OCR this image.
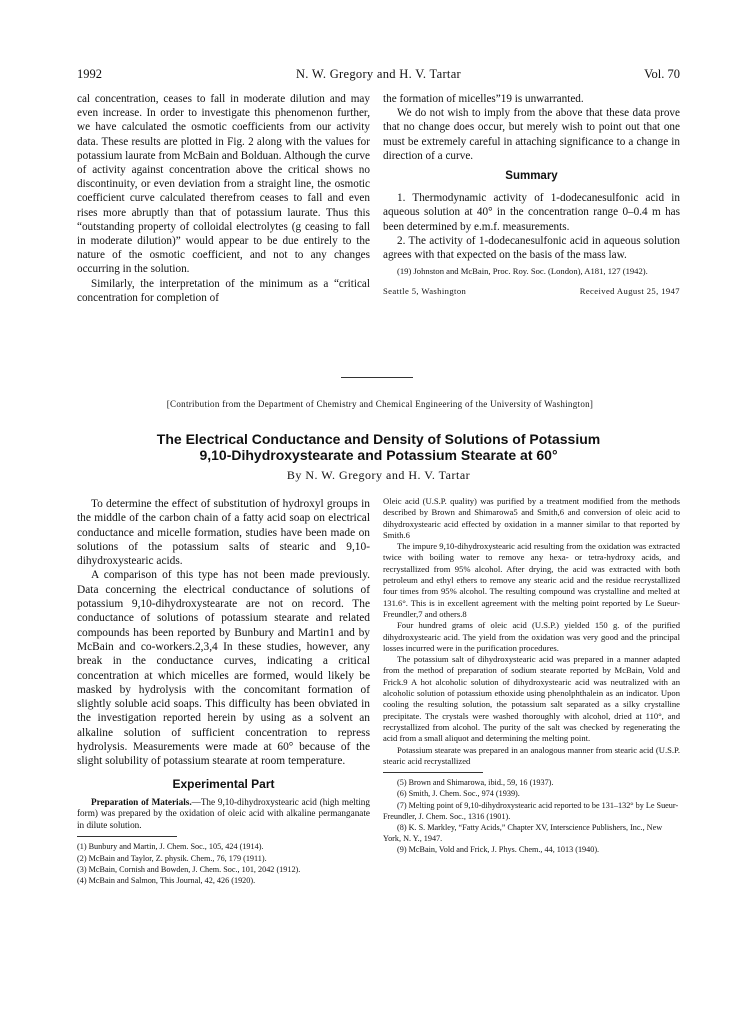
1992	N. W. Gregory and H. V. Tartar	Vol. 70

cal concentration, ceases to fall in moderate dilution and may even increase. In order to investigate this phenomenon further, we have calculated the osmotic coefficients from our activity data. These results are plotted in Fig. 2 along with the values for potassium laurate from McBain and Bolduan. Although the curve of activity against concentration above the critical shows no discontinuity, or even deviation from a straight line, the osmotic coefficient curve calculated therefrom ceases to fall and even rises more abruptly than that of potassium laurate. Thus this “outstanding property of colloidal electrolytes (g ceasing to fall in moderate dilution)” would appear to be due entirely to the nature of the osmotic coefficient, and not to any changes occurring in the solution.

Similarly, the interpretation of the minimum as a “critical concentration for completion of

the formation of micelles”19 is unwarranted.

We do not wish to imply from the above that these data prove that no change does occur, but merely wish to point out that one must be extremely careful in attaching significance to a change in direction of a curve.

Summary

1. Thermodynamic activity of 1-dodecanesulfonic acid in aqueous solution at 40° in the concentration range 0–0.4 m has been determined by e.m.f. measurements.

2. The activity of 1-dodecanesulfonic acid in aqueous solution agrees with that expected on the basis of the mass law.

(19) Johnston and McBain, Proc. Roy. Soc. (London), A181, 127 (1942).

Seattle 5, Washington	Received August 25, 1947
[Contribution from the Department of Chemistry and Chemical Engineering of the University of Washington]
The Electrical Conductance and Density of Solutions of Potassium
9,10-Dihydroxystearate and Potassium Stearate at 60°
By N. W. Gregory and H. V. Tartar

To determine the effect of substitution of hydroxyl groups in the middle of the carbon chain of a fatty acid soap on electrical conductance and micelle formation, studies have been made on solutions of the potassium salts of stearic and 9,10-dihydroxystearic acids.

A comparison of this type has not been made previously. Data concerning the electrical conductance of solutions of potassium 9,10-dihydroxystearate are not on record. The conductance of solutions of potassium stearate and related compounds has been reported by Bunbury and Martin1 and by McBain and co-workers.2,3,4 In these studies, however, any break in the conductance curves, indicating a critical concentration at which micelles are formed, would likely be masked by hydrolysis with the concomitant formation of slightly soluble acid soaps. This difficulty has been obviated in the investigation reported herein by using as a solvent an alkaline solution of sufficient concentration to repress hydrolysis. Measurements were made at 60° because of the slight solubility of potassium stearate at room temperature.

Experimental Part

Preparation of Materials.—The 9,10-dihydroxystearic acid (high melting form) was prepared by the oxidation of oleic acid with alkaline permanganate in dilute solution.

(1) Bunbury and Martin, J. Chem. Soc., 105, 424 (1914).
(2) McBain and Taylor, Z. physik. Chem., 76, 179 (1911).
(3) McBain, Cornish and Bowden, J. Chem. Soc., 101, 2042 (1912).
(4) McBain and Salmon, This Journal, 42, 426 (1920).

Oleic acid (U.S.P. quality) was purified by a treatment modified from the methods described by Brown and Shimarowa5 and Smith,6 and conversion of oleic acid to dihydroxystearic acid effected by oxidation in a manner similar to that reported by Smith.6

The impure 9,10-dihydroxystearic acid resulting from the oxidation was extracted twice with boiling water to remove any hexa- or tetra-hydroxy acids, and recrystallized from 95% alcohol. After drying, the acid was extracted with both petroleum and ethyl ethers to remove any stearic acid and the residue recrystallized four times from 95% alcohol. The resulting compound was crystalline and melted at 131.6°. This is in excellent agreement with the melting point reported by Le Sueur-Freundler,7 and others.8

Four hundred grams of oleic acid (U.S.P.) yielded 150 g. of the purified dihydroxystearic acid. The yield from the oxidation was very good and the principal losses incurred were in the purification procedures.

The potassium salt of dihydroxystearic acid was prepared in a manner adapted from the method of preparation of sodium stearate reported by McBain, Vold and Frick.9 A hot alcoholic solution of dihydroxystearic acid was neutralized with an alcoholic solution of potassium ethoxide using phenolphthalein as an indicator. Upon cooling the resulting solution, the potassium salt separated as a silky crystalline precipitate. The crystals were washed thoroughly with alcohol, dried at 110°, and recrystallized from alcohol. The purity of the salt was checked by regenerating the acid from a small aliquot and determining the melting point.

Potassium stearate was prepared in an analogous manner from stearic acid (U.S.P. stearic acid recrystallized

(5) Brown and Shimarowa, ibid., 59, 16 (1937).
(6) Smith, J. Chem. Soc., 974 (1939).
(7) Melting point of 9,10-dihydroxystearic acid reported to be 131–132° by Le Sueur-Freundler, J. Chem. Soc., 1316 (1901).
(8) K. S. Markley, “Fatty Acids,” Chapter XV, Interscience Publishers, Inc., New York, N. Y., 1947.
(9) McBain, Vold and Frick, J. Phys. Chem., 44, 1013 (1940).
